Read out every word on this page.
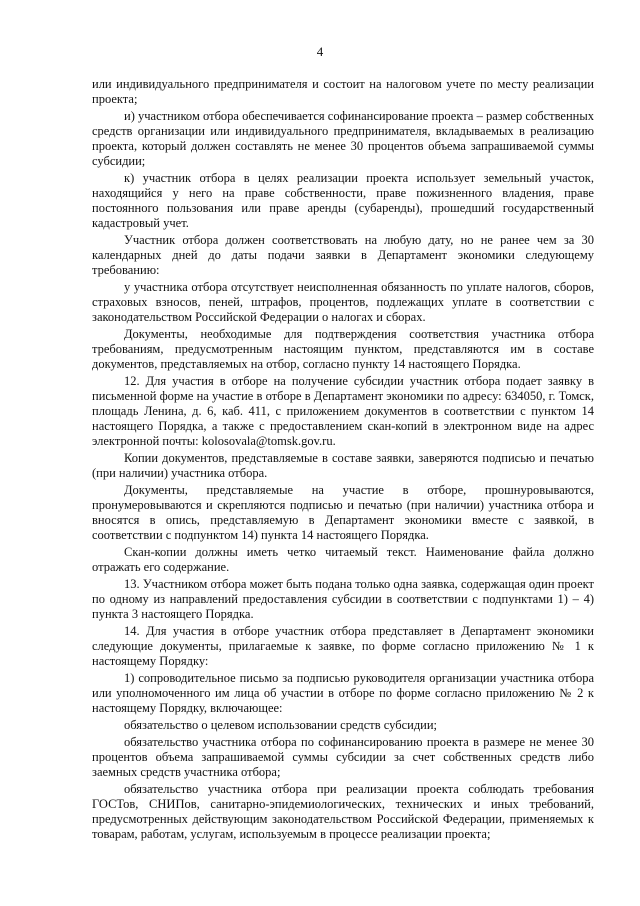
4

или индивидуального предпринимателя и состоит на налоговом учете по месту реализации проекта;

и) участником отбора обеспечивается софинансирование проекта – размер собственных средств организации или индивидуального предпринимателя, вкладываемых в реализацию проекта, который должен составлять не менее 30 процентов объема запрашиваемой суммы субсидии;

к) участник отбора в целях реализации проекта использует земельный участок, находящийся у него на праве собственности, праве пожизненного владения, праве постоянного пользования или праве аренды (субаренды), прошедший государственный кадастровый учет.

Участник отбора должен соответствовать на любую дату, но не ранее чем за 30 календарных дней до даты подачи заявки в Департамент экономики следующему требованию:

у участника отбора отсутствует неисполненная обязанность по уплате налогов, сборов, страховых взносов, пеней, штрафов, процентов, подлежащих уплате в соответствии с законодательством Российской Федерации о налогах и сборах.

Документы, необходимые для подтверждения соответствия участника отбора требованиям, предусмотренным настоящим пунктом, представляются им в составе документов, представляемых на отбор, согласно пункту 14 настоящего Порядка.

12. Для участия в отборе на получение субсидии участник отбора подает заявку в письменной форме на участие в отборе в Департамент экономики по адресу: 634050, г. Томск, площадь Ленина, д. 6, каб. 411, с приложением документов в соответствии с пунктом 14 настоящего Порядка, а также с предоставлением скан-копий в электронном виде на адрес электронной почты: kolosovala@tomsk.gov.ru.

Копии документов, представляемые в составе заявки, заверяются подписью и печатью (при наличии) участника отбора.

Документы, представляемые на участие в отборе, прошнуровываются, пронумеровываются и скрепляются подписью и печатью (при наличии) участника отбора и вносятся в опись, представляемую в Департамент экономики вместе с заявкой, в соответствии с подпунктом 14) пункта 14 настоящего Порядка.

Скан-копии должны иметь четко читаемый текст. Наименование файла должно отражать его содержание.

13. Участником отбора может быть подана только одна заявка, содержащая один проект по одному из направлений предоставления субсидии в соответствии с подпунктами 1) – 4) пункта 3 настоящего Порядка.

14. Для участия в отборе участник отбора представляет в Департамент экономики следующие документы, прилагаемые к заявке, по форме согласно приложению № 1 к настоящему Порядку:

1) сопроводительное письмо за подписью руководителя организации участника отбора или уполномоченного им лица об участии в отборе по форме согласно приложению № 2 к настоящему Порядку, включающее:

обязательство о целевом использовании средств субсидии;

обязательство участника отбора по софинансированию проекта в размере не менее 30 процентов объема запрашиваемой суммы субсидии за счет собственных средств либо заемных средств участника отбора;

обязательство участника отбора при реализации проекта соблюдать требования ГОСТов, СНИПов, санитарно-эпидемиологических, технических и иных требований, предусмотренных действующим законодательством Российской Федерации, применяемых к товарам, работам, услугам, используемым в процессе реализации проекта;
